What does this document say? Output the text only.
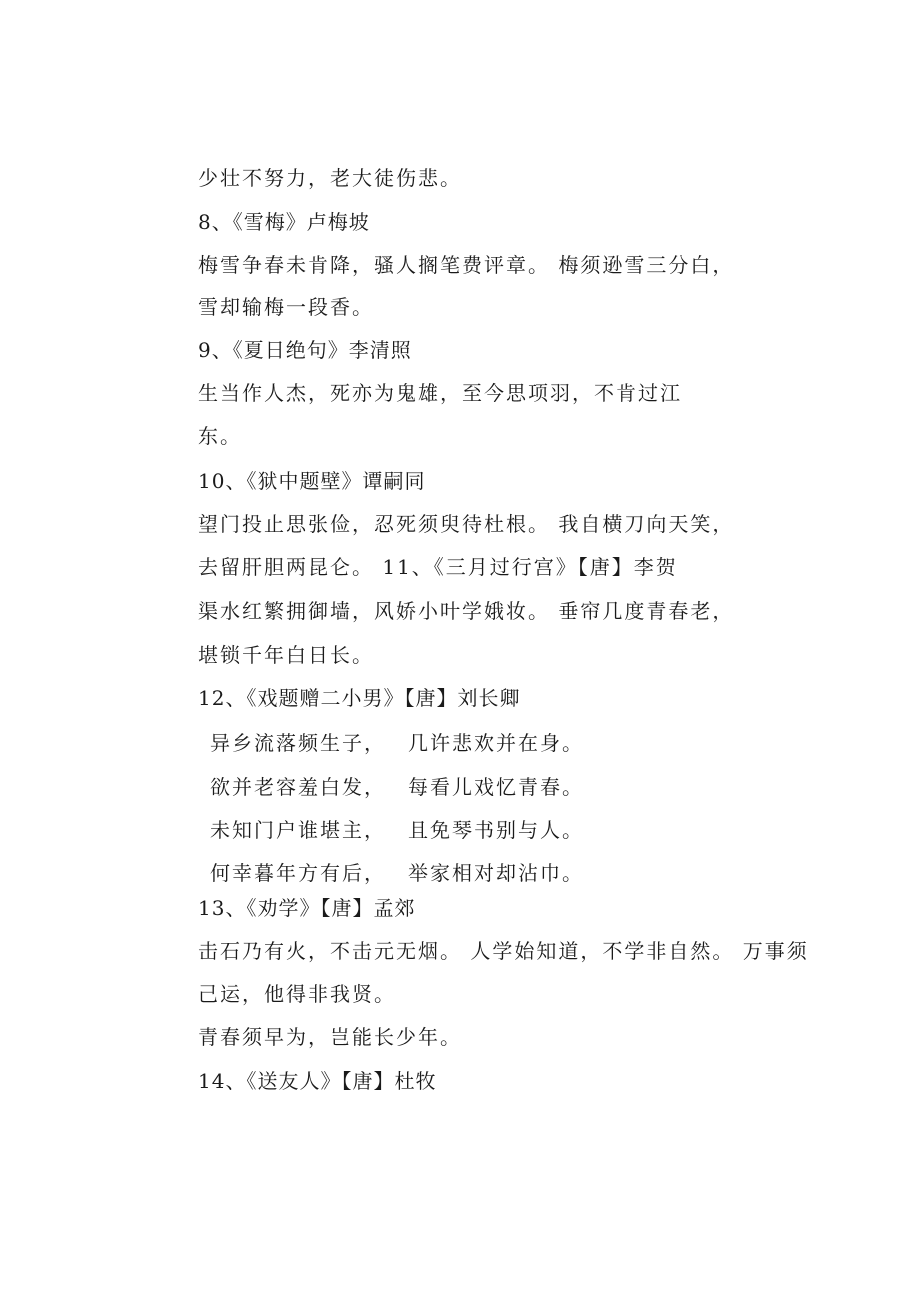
少壮不努力，老大徒伤悲。
8、《雪梅》卢梅坡
梅雪争春未肯降，骚人搁笔费评章。 梅须逊雪三分白，
雪却输梅一段香。
9、《夏日绝句》李清照
生当作人杰，死亦为鬼雄，至今思项羽，不肯过江
东。
10、《狱中题壁》谭嗣同
望门投止思张俭，忍死须臾待杜根。 我自横刀向天笑，
去留肝胆两昆仑。 11、《三月过行宫》【唐】李贺
渠水红繁拥御墙，风娇小叶学娥妆。 垂帘几度青春老，
堪锁千年白日长。
12、《戏题赠二小男》【唐】刘长卿
异乡流落频生子， 几许悲欢并在身。
欲并老容羞白发， 每看儿戏忆青春。
未知门户谁堪主， 且免琴书别与人。
何幸暮年方有后， 举家相对却沾巾。
13、《劝学》【唐】孟郊
击石乃有火，不击元无烟。 人学始知道，不学非自然。 万事须
己运，他得非我贤。
青春须早为，岂能长少年。
14、《送友人》【唐】杜牧
